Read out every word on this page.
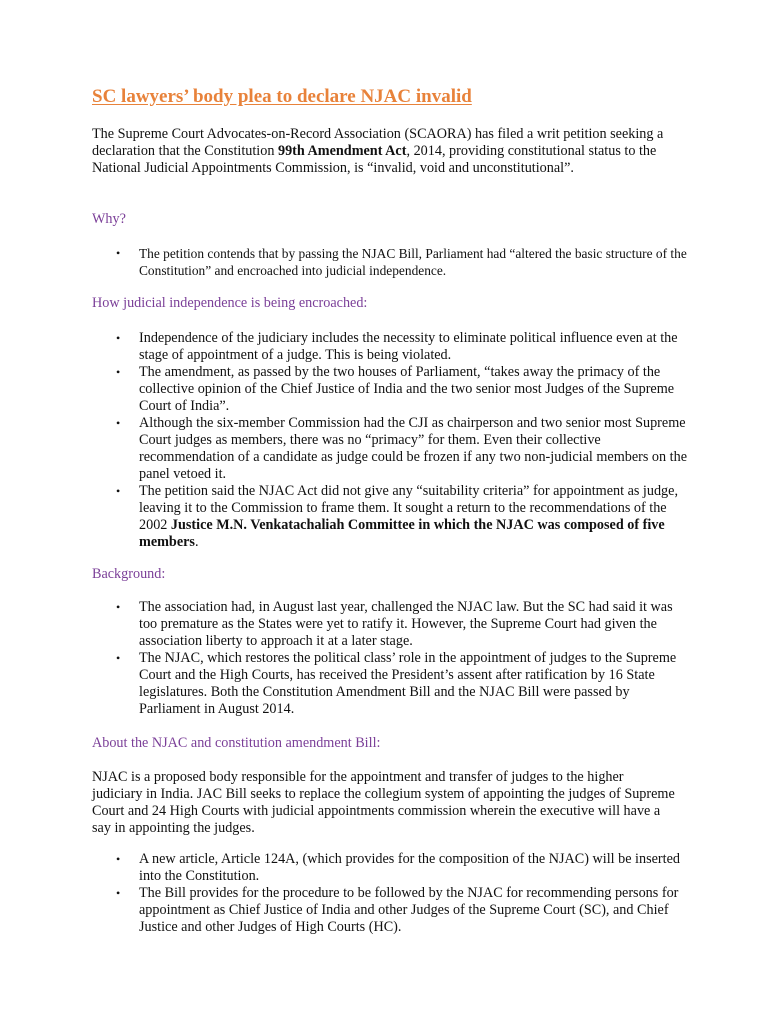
SC lawyers’ body plea to declare NJAC invalid

The Supreme Court Advocates-on-Record Association (SCAORA) has filed a writ petition seeking a declaration that the Constitution 99th Amendment Act, 2014, providing constitutional status to the National Judicial Appointments Commission, is “invalid, void and unconstitutional”.

Why?
• The petition contends that by passing the NJAC Bill, Parliament had “altered the basic structure of the Constitution” and encroached into judicial independence.
How judicial independence is being encroached:
• Independence of the judiciary includes the necessity to eliminate political influence even at the stage of appointment of a judge. This is being violated.
• The amendment, as passed by the two houses of Parliament, “takes away the primacy of the collective opinion of the Chief Justice of India and the two senior most Judges of the Supreme Court of India”.
• Although the six-member Commission had the CJI as chairperson and two senior most Supreme Court judges as members, there was no “primacy” for them. Even their collective recommendation of a candidate as judge could be frozen if any two non-judicial members on the panel vetoed it.
• The petition said the NJAC Act did not give any “suitability criteria” for appointment as judge, leaving it to the Commission to frame them. It sought a return to the recommendations of the 2002 Justice M.N. Venkatachaliah Committee in which the NJAC was composed of five members.
Background:
• The association had, in August last year, challenged the NJAC law. But the SC had said it was too premature as the States were yet to ratify it. However, the Supreme Court had given the association liberty to approach it at a later stage.
• The NJAC, which restores the political class’ role in the appointment of judges to the Supreme Court and the High Courts, has received the President’s assent after ratification by 16 State legislatures. Both the Constitution Amendment Bill and the NJAC Bill were passed by Parliament in August 2014.
About the NJAC and constitution amendment Bill:

NJAC is a proposed body responsible for the appointment and transfer of judges to the higher judiciary in India. JAC Bill seeks to replace the collegium system of appointing the judges of Supreme Court and 24 High Courts with judicial appointments commission wherein the executive will have a say in appointing the judges.

• A new article, Article 124A, (which provides for the composition of the NJAC) will be inserted into the Constitution.
• The Bill provides for the procedure to be followed by the NJAC for recommending persons for appointment as Chief Justice of India and other Judges of the Supreme Court (SC), and Chief Justice and other Judges of High Courts (HC).
